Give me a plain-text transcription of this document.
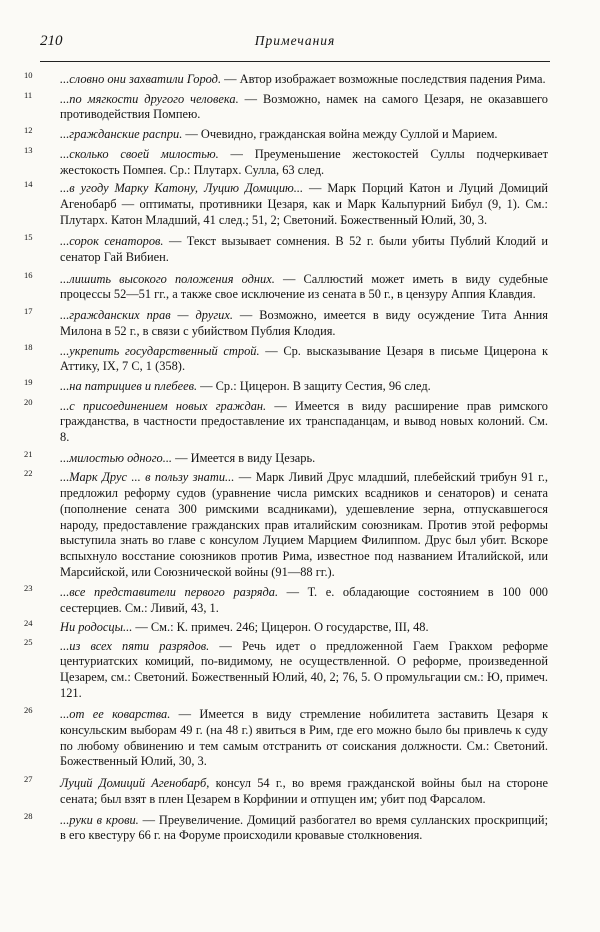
210	Примечания
10 ...словно они захватили Город. — Автор изображает возможные последствия падения Рима.
11 ...по мягкости другого человека. — Возможно, намек на самого Цезаря, не оказавшего противодействия Помпею.
12 ...гражданские распри. — Очевидно, гражданская война между Суллой и Марием.
13 ...сколько своей милостью. — Преуменьшение жестокостей Суллы подчеркивает жестокость Помпея. Ср.: Плутарх. Сулла, 63 след.
14 ...в угоду Марку Катону, Луцию Домицию... — Марк Порций Катон и Луций Домиций Агенобарб — оптиматы, противники Цезаря, как и Марк Кальпурний Бибул (9, 1). См.: Плутарх. Катон Младший, 41 след.; 51, 2; Светоний. Божественный Юлий, 30, 3.
15 ...сорок сенаторов. — Текст вызывает сомнения. В 52 г. были убиты Публий Клодий и сенатор Гай Вибиен.
16 ...лишить высокого положения одних. — Саллюстий может иметь в виду судебные процессы 52—51 гг., а также свое исключение из сената в 50 г., в цензуру Аппия Клавдия.
17 ...гражданских прав — других. — Возможно, имеется в виду осуждение Тита Анния Милона в 52 г., в связи с убийством Публия Клодия.
18 ...укрепить государственный строй. — Ср. высказывание Цезаря в письме Цицерона к Аттику, IX, 7 С, 1 (358).
19 ...на патрициев и плебеев. — Ср.: Цицерон. В защиту Сестия, 96 след.
20 ...с присоединением новых граждан. — Имеется в виду расширение прав римского гражданства, в частности предоставление их транспаданцам, и вывод новых колоний. См. 8.
21 ...милостью одного... — Имеется в виду Цезарь.
22 ...Марк Друс ... в пользу знати... — Марк Ливий Друс младший, плебейский трибун 91 г., предложил реформу судов (уравнение числа римских всадников и сенаторов) и сената (пополнение сената 300 римскими всадниками), удешевление зерна, отпускавшегося народу, предоставление гражданских прав италийским союзникам. Против этой реформы выступила знать во главе с консулом Луцием Марцием Филиппом. Друс был убит. Вскоре вспыхнуло восстание союзников против Рима, известное под названием Италийской, или Марсийской, или Союзнической войны (91—88 гг.).
23 ...все представители первого разряда. — Т. е. обладающие состоянием в 100 000 сестерциев. См.: Ливий, 43, 1.
24 Ни родосцы... — См.: К. примеч. 246; Цицерон. О государстве, III, 48.
25 ...из всех пяти разрядов. — Речь идет о предложенной Гаем Гракхом реформе центуриатских комиций, по-видимому, не осуществленной. О реформе, произведенной Цезарем, см.: Светоний. Божественный Юлий, 40, 2; 76, 5. О промульгации см.: Ю, примеч. 121.
26 ...от ее коварства. — Имеется в виду стремление нобилитета заставить Цезаря к консульским выборам 49 г. (на 48 г.) явиться в Рим, где его можно было бы привлечь к суду по любому обвинению и тем самым отстранить от соискания должности. См.: Светоний. Божественный Юлий, 30, 3.
27 Луций Домиций Агенобарб, консул 54 г., во время гражданской войны был на стороне сената; был взят в плен Цезарем в Корфинии и отпущен им; убит под Фарсалом.
28 ...руки в крови. — Преувеличение. Домиций разбогател во время сулланских проскрипций; в его квестуру 66 г. на Форуме происходили кровавые столкновения.
